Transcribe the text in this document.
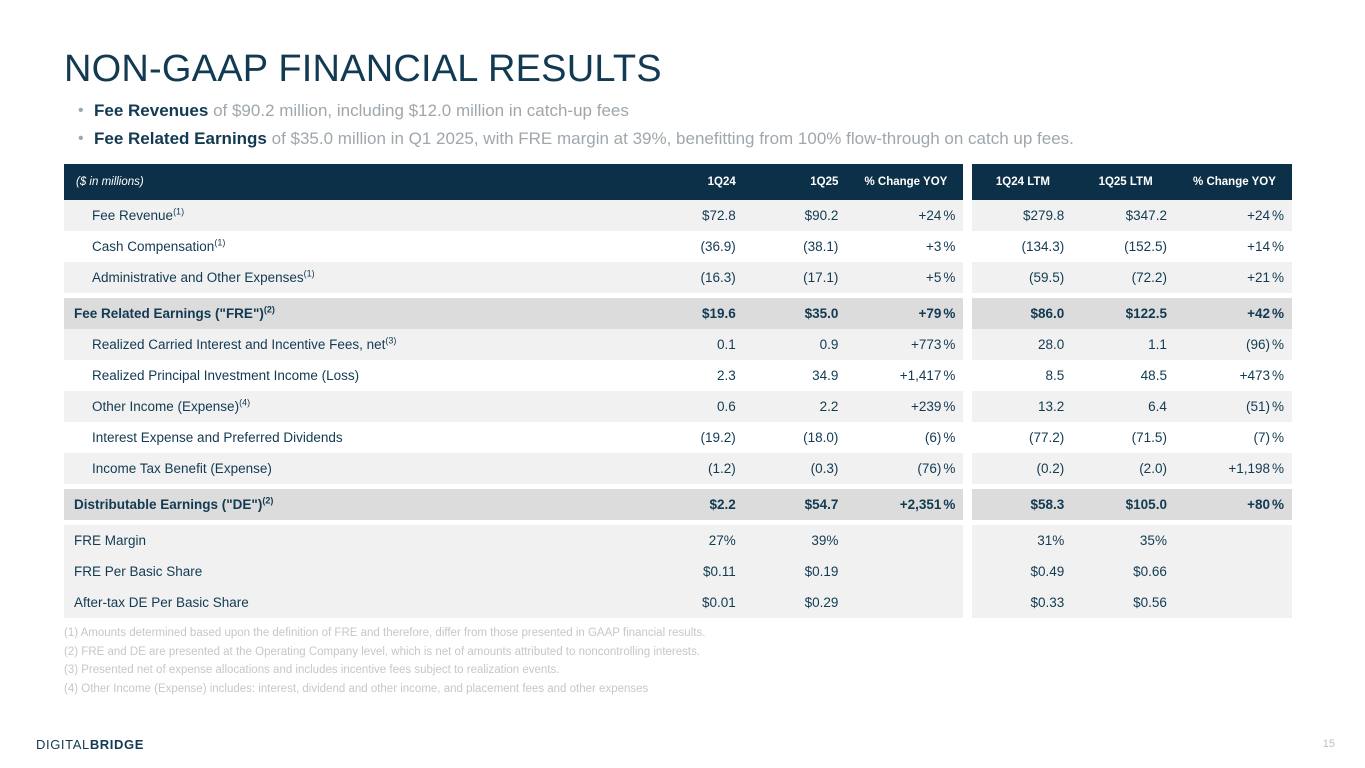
NON-GAAP FINANCIAL RESULTS
• Fee Revenues of $90.2 million, including $12.0 million in catch-up fees
• Fee Related Earnings of $35.0 million in Q1 2025, with FRE margin at 39%, benefitting from 100% flow-through on catch up fees.
($ in millions)	1Q24	1Q25	% Change YOY		1Q24 LTM	1Q25 LTM	% Change YOY
Fee Revenue$^{(1)}$	$72.8	$90.2	+24 %		$279.8	$347.2	+24 %

Cash Compensation$^{(1)}$	(36.9)	(38.1)	+3 %		(134.3)	(152.5)	+14 %

Administrative and Other Expenses$^{(1)}$	(16.3)	(17.1)	+5 %		(59.5)	(72.2)	+21 %

Fee Related Earnings ("FRE")$^{(2)}$	$19.6	$35.0	+79 %		$86.0	$122.5	+42 %

Realized Carried Interest and Incentive Fees, net$^{(3)}$	0.1	0.9	+773 %		28.0	1.1	(96) %

Realized Principal Investment Income (Loss)	2.3	34.9	+1,417 %		8.5	48.5	+473 %

Other Income (Expense)$^{(4)}$	0.6	2.2	+239 %		13.2	6.4	(51) %

Interest Expense and Preferred Dividends	(19.2)	(18.0)	(6) %		(77.2)	(71.5)	(7) %

Income Tax Benefit (Expense)	(1.2)	(0.3)	(76) %		(0.2)	(2.0)	+1,198 %

Distributable Earnings ("DE")$^{(2)}$	$2.2	$54.7	+2,351 %		$58.3	$105.0	+80 %

FRE Margin	27%	39%			31%	35%	
FRE Per Basic Share	$0.11	$0.19			$0.49	$0.66	
After-tax DE Per Basic Share	$0.01	$0.29			$0.33	$0.56	
(1) Amounts determined based upon the definition of FRE and therefore, differ from those presented in GAAP financial results.
(2) FRE and DE are presented at the Operating Company level, which is net of amounts attributed to noncontrolling interests.
(3) Presented net of expense allocations and includes incentive fees subject to realization events.
(4) Other Income (Expense) includes: interest, dividend and other income, and placement fees and other expenses
DIGITALBRIDGE	15
